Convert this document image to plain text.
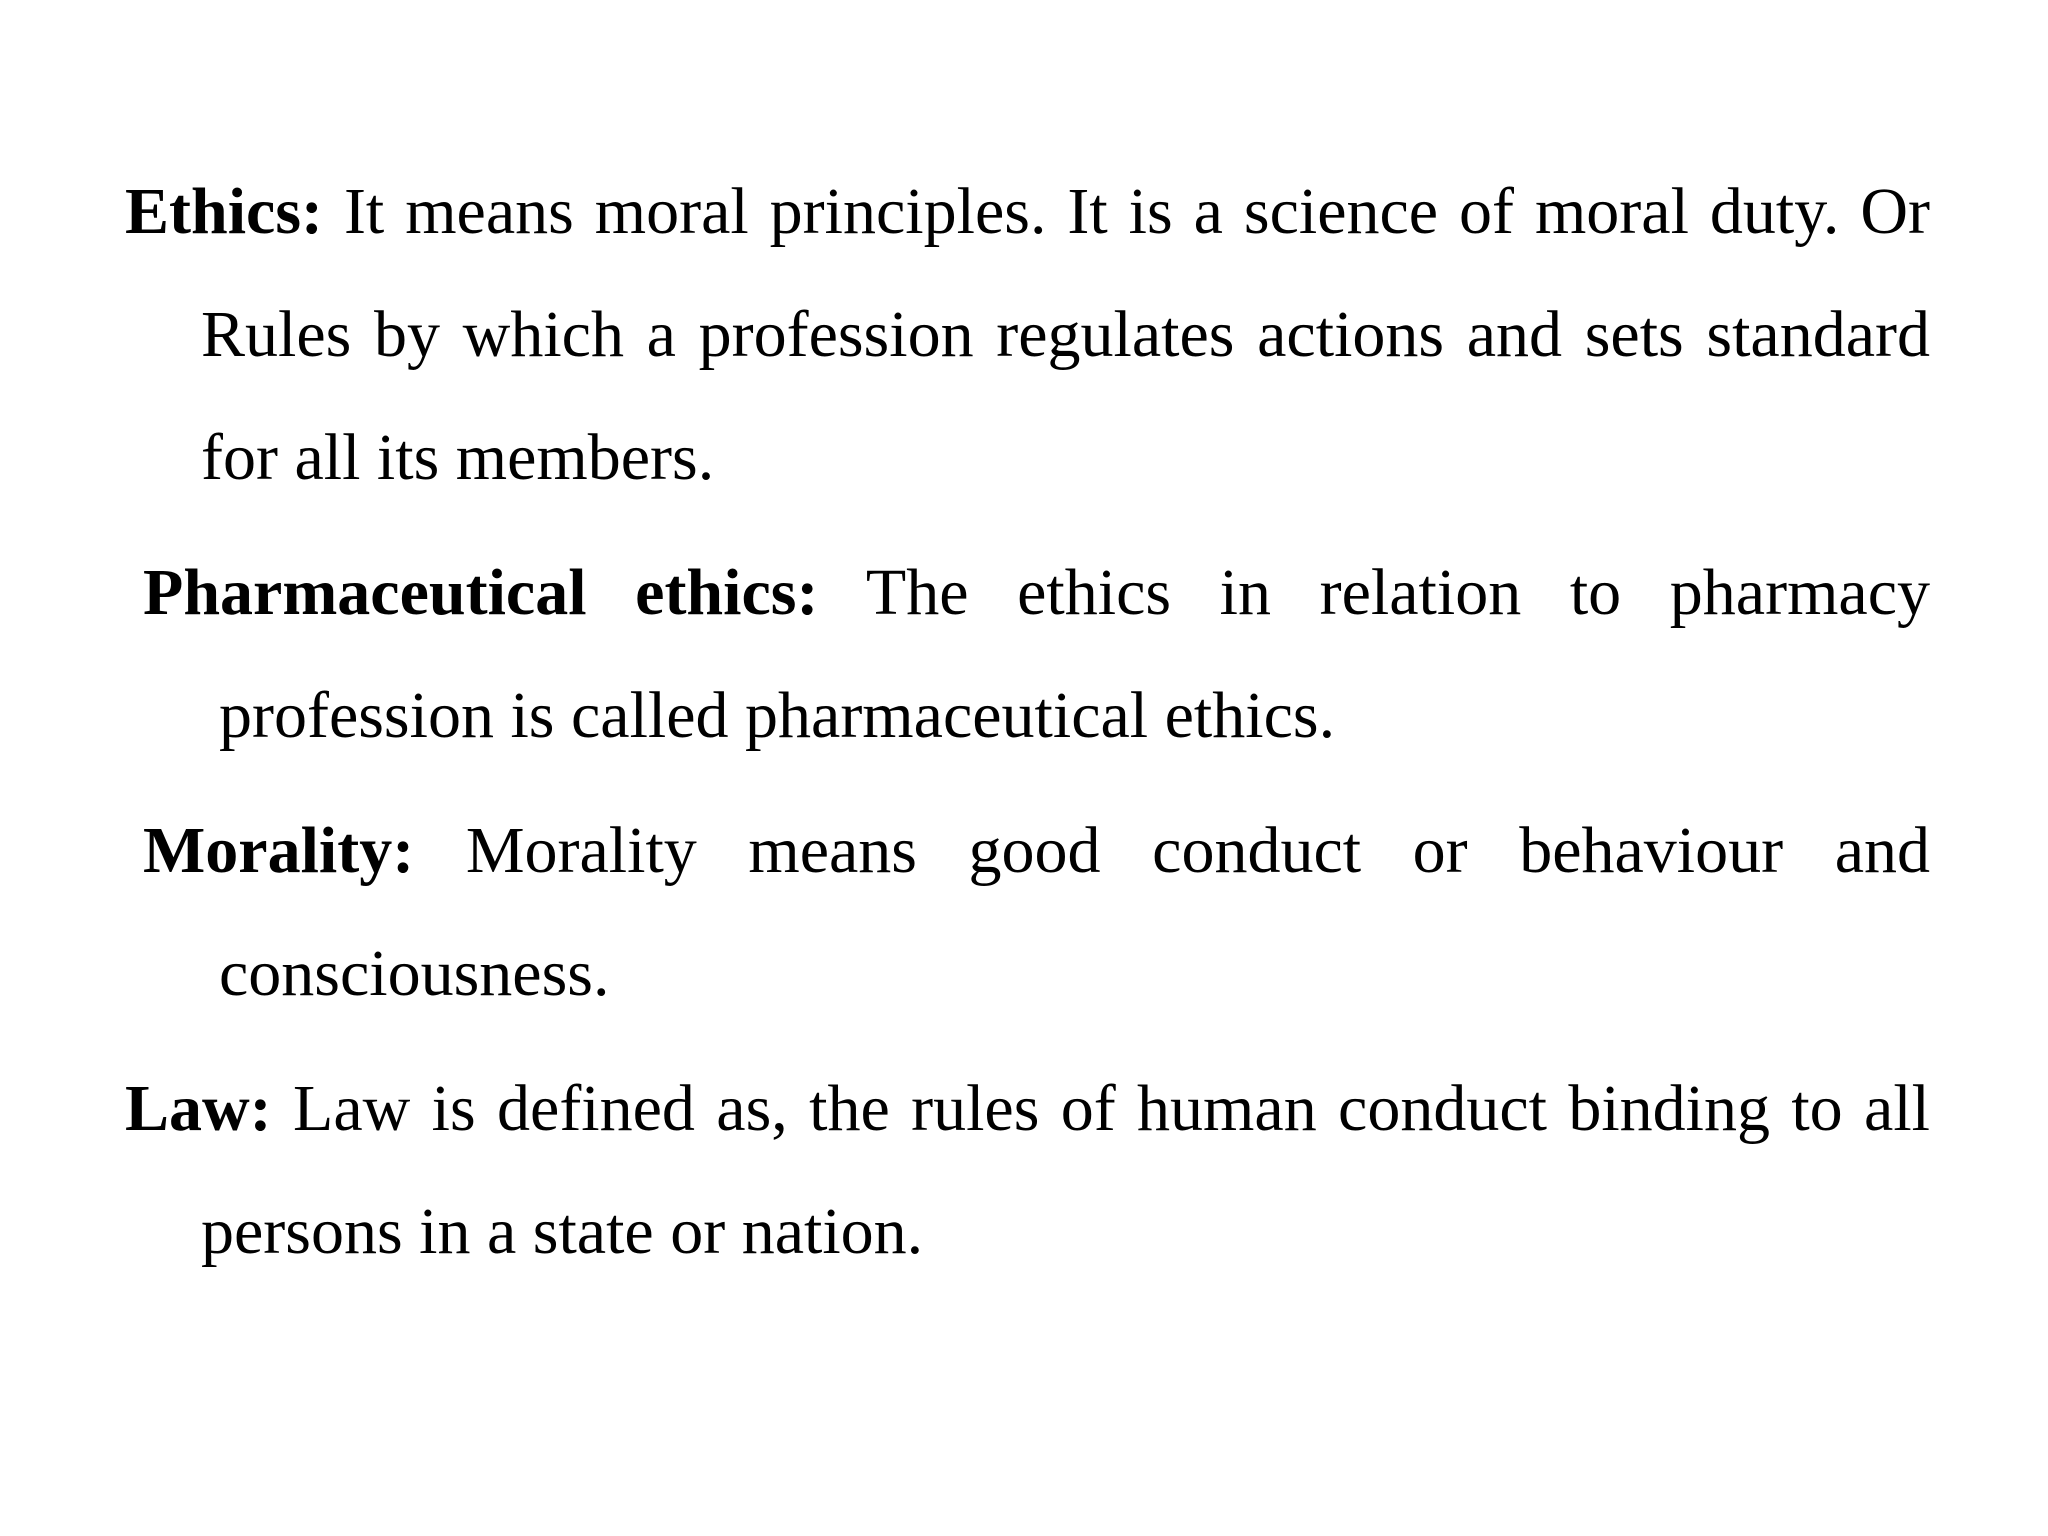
Ethics: It means moral principles. It is a science of moral duty. Or Rules by which a profession regulates actions and sets standard for all its members.

Pharmaceutical ethics: The ethics in relation to pharmacy profession is called pharmaceutical ethics.

Morality: Morality means good conduct or behaviour and consciousness.

Law: Law is defined as, the rules of human conduct binding to all persons in a state or nation.
